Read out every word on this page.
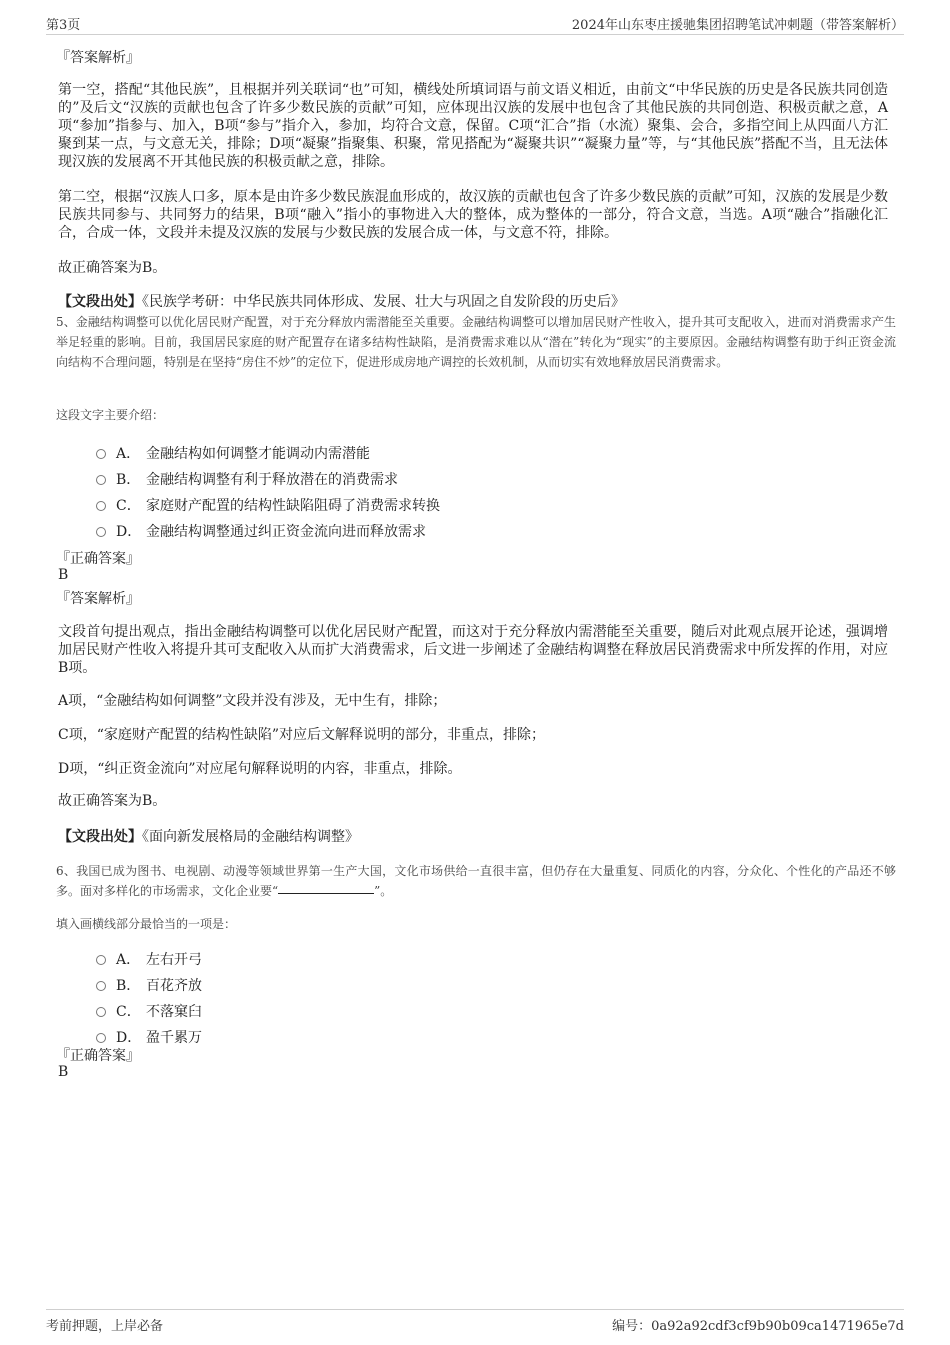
第3页	2024年山东枣庄援驰集团招聘笔试冲刺题（带答案解析）
『答案解析』
第一空，搭配“其他民族”，且根据并列关联词“也”可知，横线处所填词语与前文语义相近，由前文“中华民族的历史是各民族共同创造的”及后文“汉族的贡献也包含了许多少数民族的贡献”可知，应体现出汉族的发展中也包含了其他民族的共同创造、积极贡献之意，A项“参加”指参与、加入，B项“参与”指介入，参加，均符合文意，保留。C项“汇合”指（水流）聚集、会合，多指空间上从四面八方汇聚到某一点，与文意无关，排除；D项“凝聚”指聚集、积聚，常见搭配为“凝聚共识”“凝聚力量”等，与“其他民族”搭配不当，且无法体现汉族的发展离不开其他民族的积极贡献之意，排除。
第二空，根据“汉族人口多，原本是由许多少数民族混血形成的，故汉族的贡献也包含了许多少数民族的贡献”可知，汉族的发展是少数民族共同参与、共同努力的结果，B项“融入”指小的事物进入大的整体，成为整体的一部分，符合文意，当选。A项“融合”指融化汇合，合成一体，文段并未提及汉族的发展与少数民族的发展合成一体，与文意不符，排除。
故正确答案为B。
【文段出处】《民族学考研：中华民族共同体形成、发展、壮大与巩固之自发阶段的历史后》
5、金融结构调整可以优化居民财产配置，对于充分释放内需潜能至关重要。金融结构调整可以增加居民财产性收入，提升其可支配收入，进而对消费需求产生举足轻重的影响。目前，我国居民家庭的财产配置存在诸多结构性缺陷，是消费需求难以从“潜在”转化为“现实”的主要原因。金融结构调整有助于纠正资金流向结构不合理问题，特别是在坚持“房住不炒”的定位下，促进形成房地产调控的长效机制，从而切实有效地释放居民消费需求。
这段文字主要介绍：
A． 金融结构如何调整才能调动内需潜能
B． 金融结构调整有利于释放潜在的消费需求
C． 家庭财产配置的结构性缺陷阻碍了消费需求转换
D． 金融结构调整通过纠正资金流向进而释放需求
『正确答案』
B
『答案解析』
文段首句提出观点，指出金融结构调整可以优化居民财产配置，而这对于充分释放内需潜能至关重要，随后对此观点展开论述，强调增加居民财产性收入将提升其可支配收入从而扩大消费需求，后文进一步阐述了金融结构调整在释放居民消费需求中所发挥的作用，对应B项。
A项，“金融结构如何调整”文段并没有涉及，无中生有，排除；
C项，“家庭财产配置的结构性缺陷”对应后文解释说明的部分，非重点，排除；
D项，“纠正资金流向”对应尾句解释说明的内容，非重点，排除。
故正确答案为B。
【文段出处】《面向新发展格局的金融结构调整》
6、我国已成为图书、电视剧、动漫等领域世界第一生产大国，文化市场供给一直很丰富，但仍存在大量重复、同质化的内容，分众化、个性化的产品还不够多。面对多样化的市场需求，文化企业要“	”。
填入画横线部分最恰当的一项是：
A． 左右开弓
B． 百花齐放
C． 不落窠臼
D． 盈千累万
『正确答案』
B
考前押题，上岸必备	编号：0a92a92cdf3cf9b90b09ca1471965e7d
